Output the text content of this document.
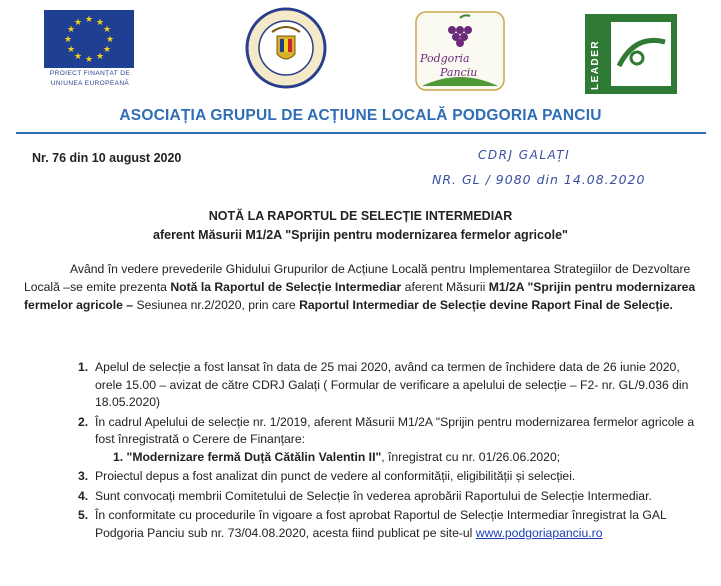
★ ★
★
★
★
★
★
★
★
★
★
★
PROIECT FINANȚAT DE
UNIUNEA EUROPEANĂ
Podgoria
Panciu	LEADER
ASOCIAȚIA GRUPUL DE ACȚIUNE LOCALĂ PODGORIA PANCIU
Nr. 76 din 10 august 2020	CDRJ GALAȚI
NR. GL / 9080 din 14.08.2020
NOTĂ LA RAPORTUL DE SELECȚIE INTERMEDIAR
aferent Măsurii M1/2A "Sprijin pentru modernizarea fermelor agricole"
Având în vedere prevederile Ghidului Grupurilor de Acțiune Locală pentru Implementarea Strategiilor de Dezvoltare Locală –se emite prezenta Notă la Raportul de Selecție Intermediar aferent Măsurii M1/2A "Sprijin pentru modernizarea fermelor agricole – Sesiunea nr.2/2020, prin care Raportul Intermediar de Selecție devine Raport Final de Selecție.
1. Apelul de selecție a fost lansat în data de 25 mai 2020, având ca termen de închidere data de 26 iunie 2020, orele 15.00 – avizat de către CDRJ Galați ( Formular de verificare a apelului de selecție – F2- nr. GL/9.036 din 18.05.2020)
2. În cadrul Apelului de selecție nr. 1/2019, aferent Măsurii M1/2A "Sprijin pentru modernizarea fermelor agricole a fost înregistrată o Cerere de Finanțare:
1. "Modernizare fermă Duță Cătălin Valentin II", înregistrat cu nr. 01/26.06.2020;
3. Proiectul depus a fost analizat din punct de vedere al conformității, eligibilității și selecției.
4. Sunt convocați membrii Comitetului de Selecție în vederea aprobării Raportului de Selecție Intermediar.
5. În conformitate cu procedurile în vigoare a fost aprobat Raportul de Selecție Intermediar înregistrat la GAL Podgoria Panciu sub nr. 73/04.08.2020, acesta fiind publicat pe site-ul www.podgoriapanciu.ro
